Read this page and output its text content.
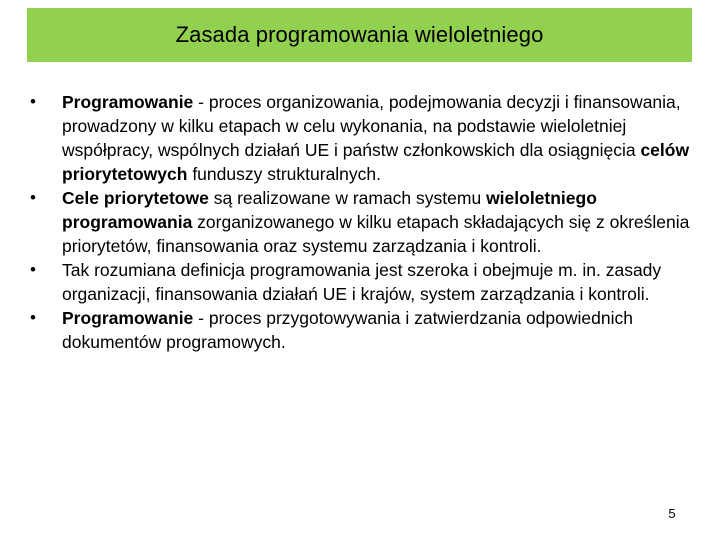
Zasada programowania wieloletniego
•	Programowanie - proces organizowania, podejmowania decyzji i finansowania, prowadzony w kilku etapach w celu wykonania, na podstawie wieloletniej współpracy, wspólnych działań UE i państw członkowskich dla osiągnięcia celów priorytetowych funduszy strukturalnych.
•	Cele priorytetowe są realizowane w ramach systemu wieloletniego programowania zorganizowanego w kilku etapach składających się z określenia priorytetów, finansowania oraz systemu zarządzania i kontroli.
•	Tak rozumiana definicja programowania jest szeroka i obejmuje m. in. zasady organizacji, finansowania działań UE i krajów, system zarządzania i kontroli.
•	Programowanie - proces przygotowywania i zatwierdzania odpowiednich dokumentów programowych.
5
